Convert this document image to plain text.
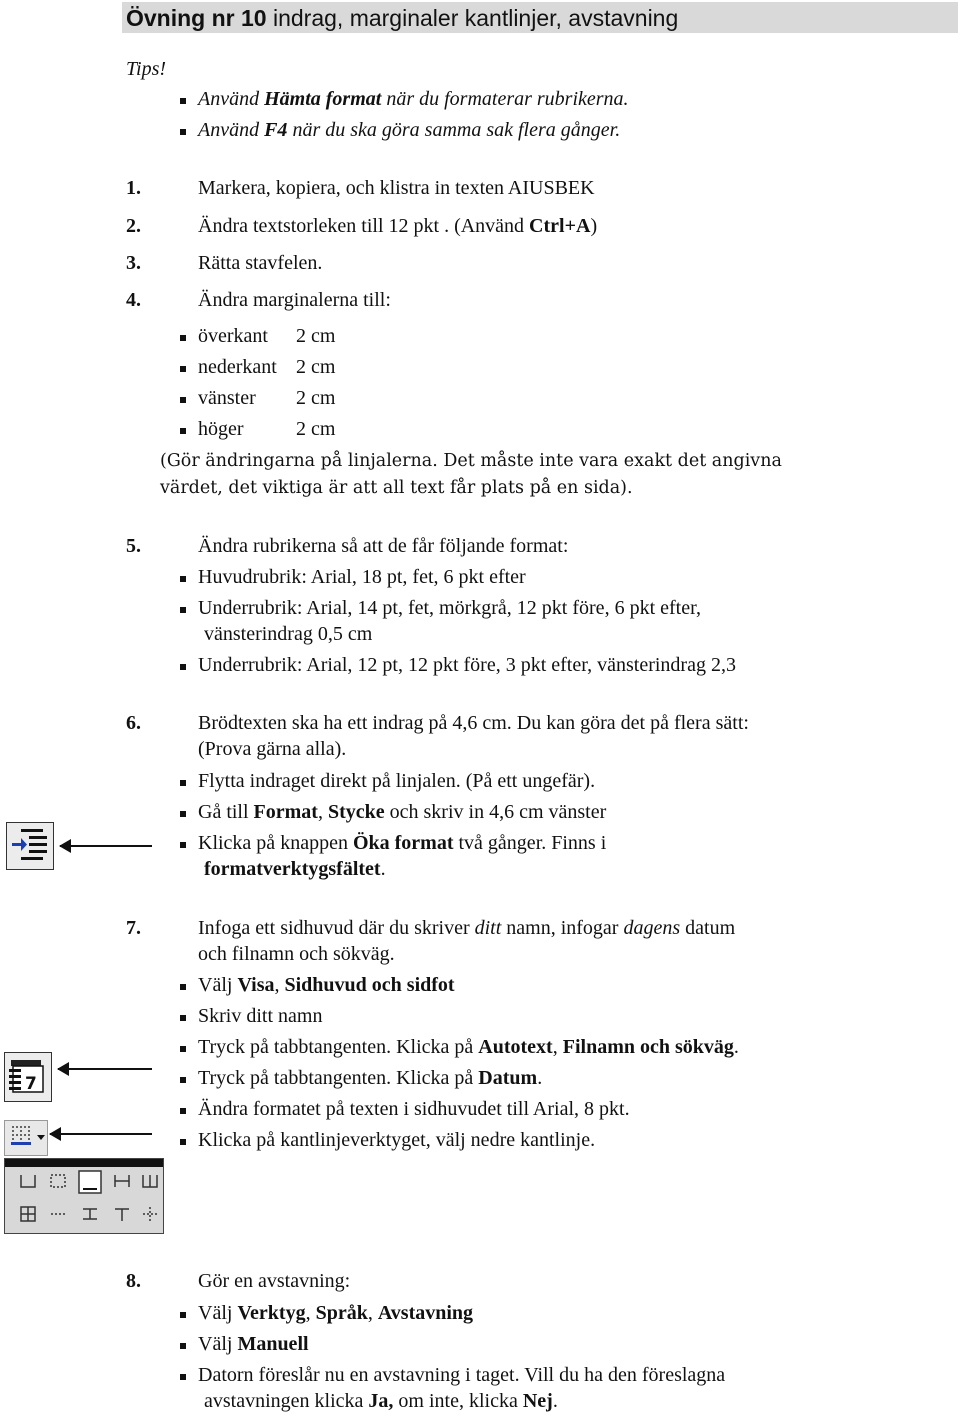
Övning nr 10 indrag, marginaler kantlinjer, avstavning
Tips!
Använd Hämta format när du formaterar rubrikerna.
Använd F4 när du ska göra samma sak flera gånger.
1.	Markera, kopiera, och klistra in texten AIUSBEK
2.	Ändra textstorleken till 12 pkt . (Använd Ctrl+A)
3.	Rätta stavfelen.
4.	Ändra marginalerna till:
överkant 2 cm
nederkant 2 cm
vänster 2 cm
höger	2 cm
(Gör ändringarna på linjalerna. Det måste inte vara exakt det angivna
värdet, det viktiga är att all text får plats på en sida).
5.	Ändra rubrikerna så att de får följande format:
Huvudrubrik: Arial, 18 pt, fet, 6 pkt efter
Underrubrik: Arial, 14 pt, fet, mörkgrå, 12 pkt före, 6 pkt efter,
vänsterindrag 0,5 cm
Underrubrik: Arial, 12 pt, 12 pkt före, 3 pkt efter, vänsterindrag 2,3
6.	Brödtexten ska ha ett indrag på 4,6 cm. Du kan göra det på flera sätt:
(Prova gärna alla).
Flytta indraget direkt på linjalen. (På ett ungefär).
Gå till Format, Stycke och skriv in 4,6 cm vänster
Klicka på knappen Öka format två gånger. Finns i
formatverktygsfältet.
7.	Infoga ett sidhuvud där du skriver ditt namn, infogar dagens datum
och filnamn och sökväg.
Välj Visa, Sidhuvud och sidfot
Skriv ditt namn
Tryck på tabbtangenten. Klicka på Autotext, Filnamn och sökväg.
Tryck på tabbtangenten. Klicka på Datum.
Ändra formatet på texten i sidhuvudet till Arial, 8 pkt.
Klicka på kantlinjeverktyget, välj nedre kantlinje.
7
8.	Gör en avstavning:
Välj Verktyg, Språk, Avstavning
Välj Manuell
Datorn föreslår nu en avstavning i taget. Vill du ha den föreslagna
avstavningen klicka Ja, om inte, klicka Nej.
